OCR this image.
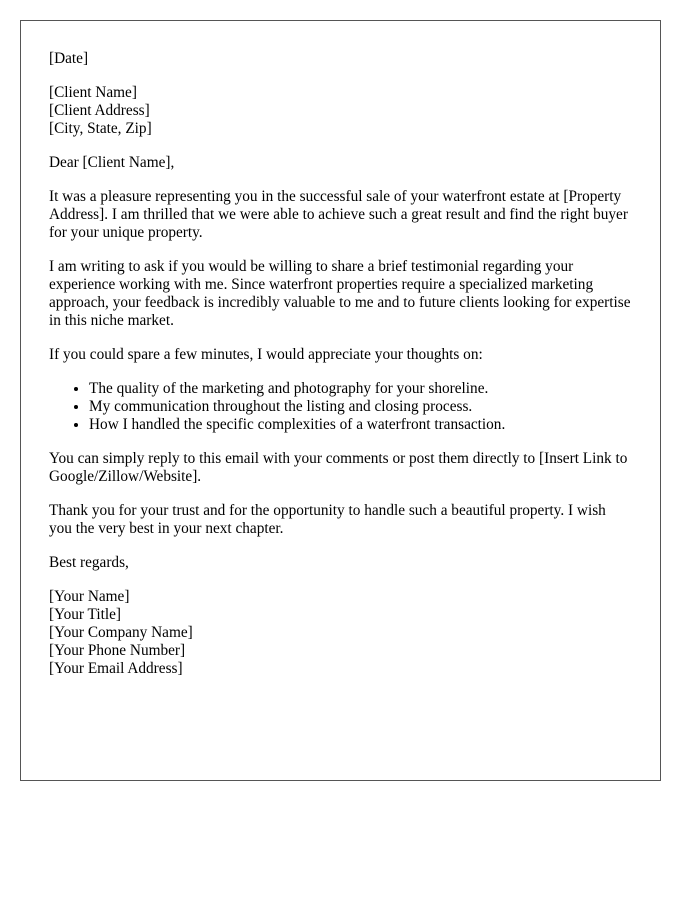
[Date]
[Client Name]
[Client Address]
[City, State, Zip]
Dear [Client Name],

It was a pleasure representing you in the successful sale of your waterfront estate at [Property Address]. I am thrilled that we were able to achieve such a great result and find the right buyer for your unique property.

I am writing to ask if you would be willing to share a brief testimonial regarding your experience working with me. Since waterfront properties require a specialized marketing approach, your feedback is incredibly valuable to me and to future clients looking for expertise in this niche market.

If you could spare a few minutes, I would appreciate your thoughts on:

• The quality of the marketing and photography for your shoreline.
• My communication throughout the listing and closing process.
• How I handled the specific complexities of a waterfront transaction.

You can simply reply to this email with your comments or post them directly to [Insert Link to Google/Zillow/Website].

Thank you for your trust and for the opportunity to handle such a beautiful property. I wish you the very best in your next chapter.

Best regards,
[Your Name]
[Your Title]
[Your Company Name]
[Your Phone Number]
[Your Email Address]
